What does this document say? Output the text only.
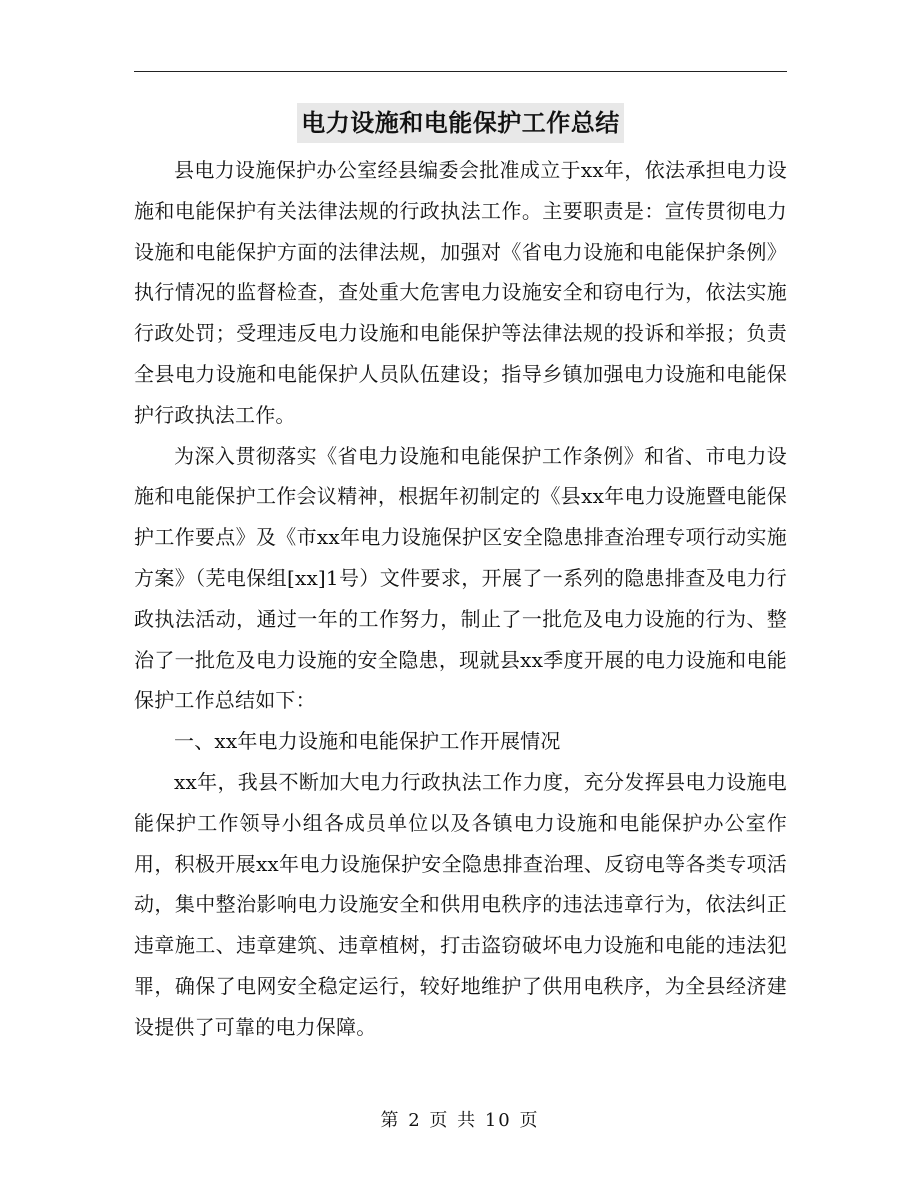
电力设施和电能保护工作总结

县电力设施保护办公室经县编委会批准成立于xx年，依法承担电力设施和电能保护有关法律法规的行政执法工作。主要职责是：宣传贯彻电力设施和电能保护方面的法律法规，加强对《省电力设施和电能保护条例》执行情况的监督检查，查处重大危害电力设施安全和窃电行为，依法实施行政处罚；受理违反电力设施和电能保护等法律法规的投诉和举报；负责全县电力设施和电能保护人员队伍建设；指导乡镇加强电力设施和电能保护行政执法工作。

为深入贯彻落实《省电力设施和电能保护工作条例》和省、市电力设施和电能保护工作会议精神，根据年初制定的《县xx年电力设施暨电能保护工作要点》及《市xx年电力设施保护区安全隐患排查治理专项行动实施方案》（芜电保组[xx]1号）文件要求，开展了一系列的隐患排查及电力行政执法活动，通过一年的工作努力，制止了一批危及电力设施的行为、整治了一批危及电力设施的安全隐患，现就县xx季度开展的电力设施和电能保护工作总结如下：

一、xx年电力设施和电能保护工作开展情况

xx年，我县不断加大电力行政执法工作力度，充分发挥县电力设施电能保护工作领导小组各成员单位以及各镇电力设施和电能保护办公室作用，积极开展xx年电力设施保护安全隐患排查治理、反窃电等各类专项活动，集中整治影响电力设施安全和供用电秩序的违法违章行为，依法纠正违章施工、违章建筑、违章植树，打击盗窃破坏电力设施和电能的违法犯罪，确保了电网安全稳定运行，较好地维护了供用电秩序，为全县经济建设提供了可靠的电力保障。

第 2 页 共 10 页
